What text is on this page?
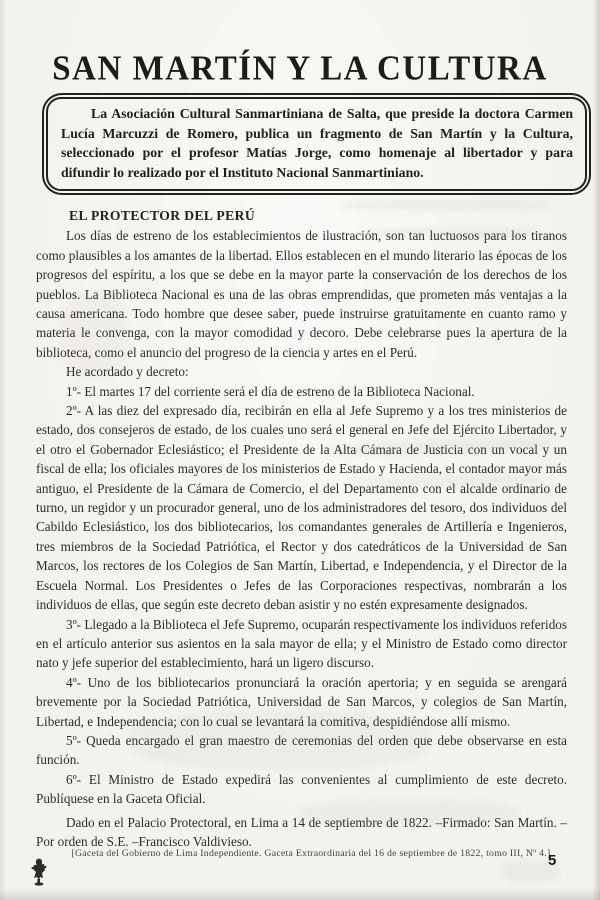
SAN MARTÍN Y LA CULTURA

La Asociación Cultural Sanmartiniana de Salta, que preside la doctora Carmen Lucía Marcuzzi de Romero, publica un fragmento de San Martín y la Cultura, seleccionado por el profesor Matías Jorge, como homenaje al libertador y para difundir lo realizado por el Instituto Nacional Sanmartiniano.

EL PROTECTOR DEL PERÚ

Los días de estreno de los establecimientos de ilustración, son tan luctuosos para los tiranos como plausibles a los amantes de la libertad. Ellos establecen en el mundo literario las épocas de los progresos del espíritu, a los que se debe en la mayor parte la conservación de los derechos de los pueblos. La Biblioteca Nacional es una de las obras emprendidas, que prometen más ventajas a la causa americana. Todo hombre que desee saber, puede instruirse gratuitamente en cuanto ramo y materia le convenga, con la mayor comodidad y decoro. Debe celebrarse pues la apertura de la biblioteca, como el anuncio del progreso de la ciencia y artes en el Perú.

He acordado y decreto:

1º- El martes 17 del corriente será el día de estreno de la Biblioteca Nacional.

2º- A las diez del expresado día, recibirán en ella al Jefe Supremo y a los tres ministerios de estado, dos consejeros de estado, de los cuales uno será el general en Jefe del Ejército Libertador, y el otro el Gobernador Eclesiástico; el Presidente de la Alta Cámara de Justicia con un vocal y un fiscal de ella; los oficiales mayores de los ministerios de Estado y Hacienda, el contador mayor más antiguo, el Presidente de la Cámara de Comercio, el del Departamento con el alcalde ordinario de turno, un regidor y un procurador general, uno de los administradores del tesoro, dos individuos del Cabildo Eclesiástico, los dos bibliotecarios, los comandantes generales de Artillería e Ingenieros, tres miembros de la Sociedad Patriótica, el Rector y dos catedráticos de la Universidad de San Marcos, los rectores de los Colegios de San Martín, Libertad, e Independencia, y el Director de la Escuela Normal. Los Presidentes o Jefes de las Corporaciones respectivas, nombrarán a los individuos de ellas, que según este decreto deban asistir y no estén expresamente designados.

3º- Llegado a la Biblioteca el Jefe Supremo, ocuparán respectivamente los individuos referidos en el artículo anterior sus asientos en la sala mayor de ella; y el Ministro de Estado como director nato y jefe superior del establecimiento, hará un ligero discurso.

4º- Uno de los bibliotecarios pronunciará la oración apertoria; y en seguida se arengará brevemente por la Sociedad Patriótica, Universidad de San Marcos, y colegios de San Martín, Libertad, e Independencia; con lo cual se levantará la comitiva, despidiéndose allí mismo.

5º- Queda encargado el gran maestro de ceremonias del orden que debe observarse en esta función.

6º- El Ministro de Estado expedirá las convenientes al cumplimiento de este decreto. Publíquese en la Gaceta Oficial.

Dado en el Palacio Protectoral, en Lima a 14 de septiembre de 1822. –Firmado: San Martín. –Por orden de S.E. –Francisco Valdivieso.

[Gaceta del Gobierno de Lima Independiente. Gaceta Extraordinaria del 16 de septiembre de 1822, tomo III, Nº 4.]
5
